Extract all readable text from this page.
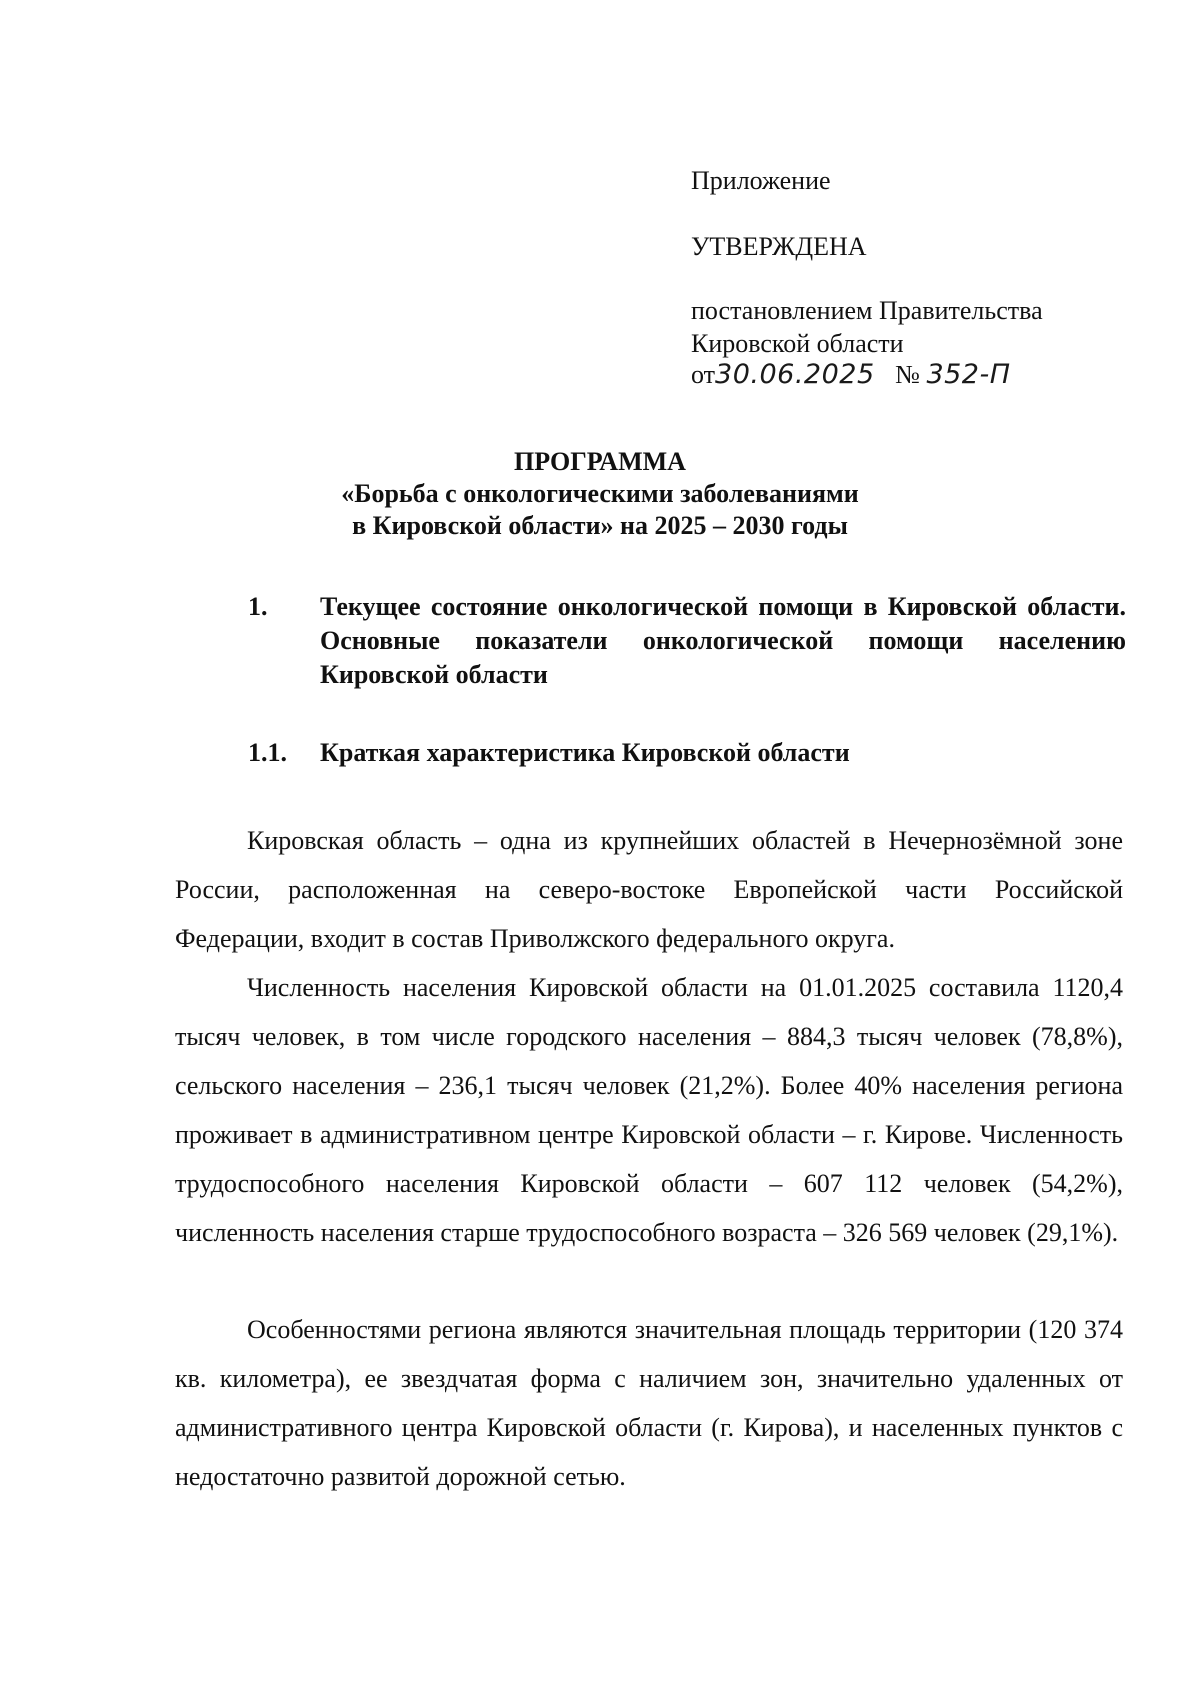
Приложение
УТВЕРЖДЕНА
постановлением Правительства
Кировской области
от30.06.2025 № 352-П
ПРОГРАММА
«Борьба с онкологическими заболеваниями
в Кировской области» на 2025 – 2030 годы
1. Текущее состояние онкологической помощи в Кировской области. Основные показатели онкологической помощи населению Кировской области
1.1. Краткая характеристика Кировской области
Кировская область – одна из крупнейших областей в Нечернозёмной зоне России, расположенная на северо-востоке Европейской части Российской Федерации, входит в состав Приволжского федерального округа.
Численность населения Кировской области на 01.01.2025 составила 1120,4 тысяч человек, в том числе городского населения – 884,3 тысяч человек (78,8%), сельского населения – 236,1 тысяч человек (21,2%). Более 40% населения региона проживает в административном центре Кировской области – г. Кирове. Численность трудоспособного населения Кировской области – 607 112 человек (54,2%), численность населения старше трудоспособного возраста – 326 569 человек (29,1%).
Особенностями региона являются значительная площадь территории (120 374 кв. километра), ее звездчатая форма с наличием зон, значительно удаленных от административного центра Кировской области (г. Кирова), и населенных пунктов с недостаточно развитой дорожной сетью.
